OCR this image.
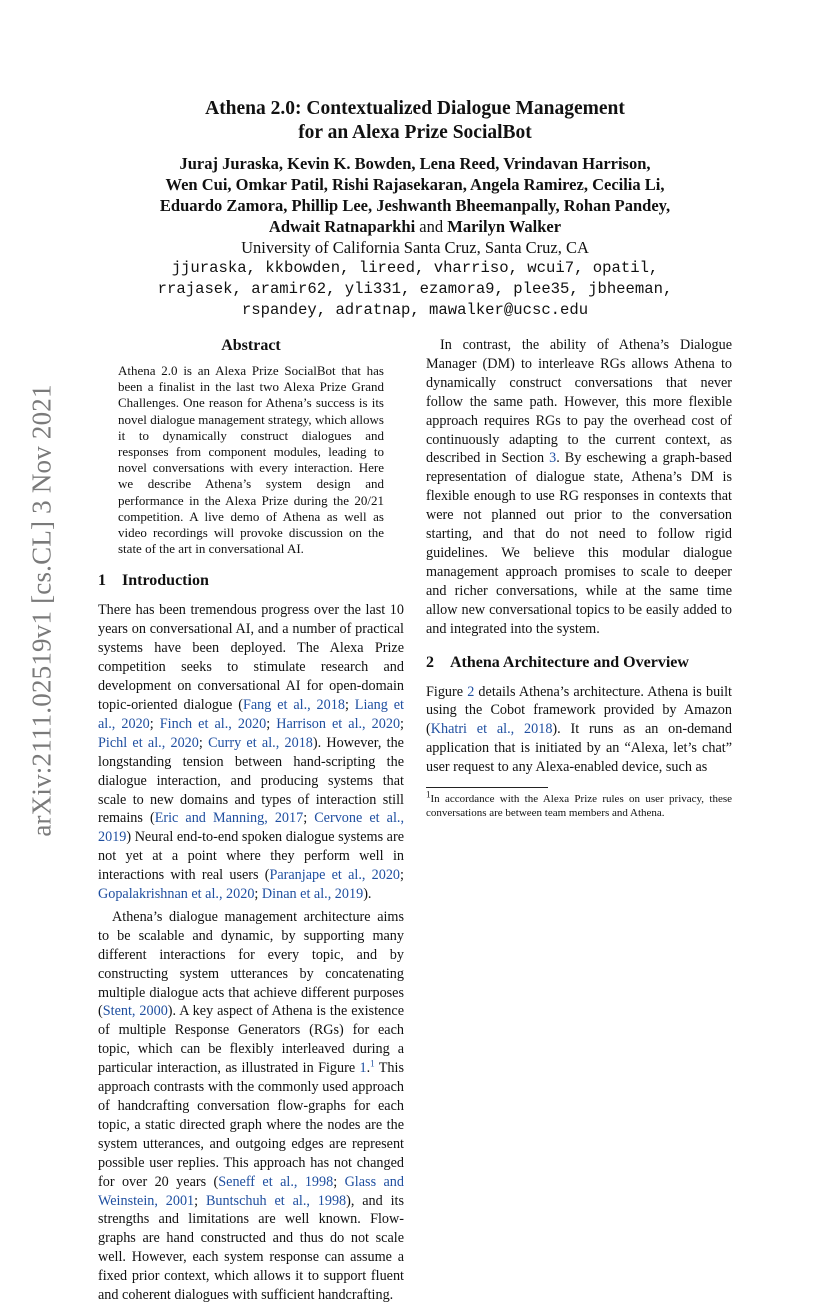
arXiv:2111.02519v1 [cs.CL] 3 Nov 2021
Athena 2.0: Contextualized Dialogue Management
for an Alexa Prize SocialBot
Juraj Juraska, Kevin K. Bowden, Lena Reed, Vrindavan Harrison,
Wen Cui, Omkar Patil, Rishi Rajasekaran, Angela Ramirez, Cecilia Li,
Eduardo Zamora, Phillip Lee, Jeshwanth Bheemanpally, Rohan Pandey,
Adwait Ratnaparkhi and Marilyn Walker
University of California Santa Cruz, Santa Cruz, CA
jjuraska, kkbowden, lireed, vharriso, wcui7, opatil,
rrajasek, aramir62, yli331, ezamora9, plee35, jbheeman,
rspandey, adratnap, mawalker@ucsc.edu
Abstract

Athena 2.0 is an Alexa Prize SocialBot that has been a finalist in the last two Alexa Prize Grand Challenges. One reason for Athena’s success is its novel dialogue management strategy, which allows it to dynamically construct dialogues and responses from component modules, leading to novel conversations with every interaction. Here we describe Athena’s system design and performance in the Alexa Prize during the 20/21 competition. A live demo of Athena as well as video recordings will provoke discussion on the state of the art in conversational AI.

1 Introduction

There has been tremendous progress over the last 10 years on conversational AI, and a number of practical systems have been deployed. The Alexa Prize competition seeks to stimulate research and development on conversational AI for open-domain topic-oriented dialogue (Fang et al., 2018; Liang et al., 2020; Finch et al., 2020; Harrison et al., 2020; Pichl et al., 2020; Curry et al., 2018). However, the longstanding tension between hand-scripting the dialogue interaction, and producing systems that scale to new domains and types of interaction still remains (Eric and Manning, 2017; Cervone et al., 2019) Neural end-to-end spoken dialogue systems are not yet at a point where they perform well in interactions with real users (Paranjape et al., 2020; Gopalakrishnan et al., 2020; Dinan et al., 2019).

Athena’s dialogue management architecture aims to be scalable and dynamic, by supporting many different interactions for every topic, and by constructing system utterances by concatenating multiple dialogue acts that achieve different purposes (Stent, 2000). A key aspect of Athena is the existence of multiple Response Generators (RGs) for each topic, which can be flexibly interleaved during a particular interaction, as illustrated in Figure 1.$^1$ This approach contrasts with the commonly used approach of handcrafting conversation flow-graphs for each topic, a static directed graph where the nodes are the system utterances, and outgoing edges are represent possible user replies. This approach has not changed for over 20 years (Seneff et al., 1998; Glass and Weinstein, 2001; Buntschuh et al., 1998), and its strengths and limitations are well known. Flow-graphs are hand constructed and thus do not scale well. However, each system response can assume a fixed prior context, which allows it to support fluent and coherent dialogues with sufficient handcrafting.

In contrast, the ability of Athena’s Dialogue Manager (DM) to interleave RGs allows Athena to dynamically construct conversations that never follow the same path. However, this more flexible approach requires RGs to pay the overhead cost of continuously adapting to the current context, as described in Section 3. By eschewing a graph-based representation of dialogue state, Athena’s DM is flexible enough to use RG responses in contexts that were not planned out prior to the conversation starting, and that do not need to follow rigid guidelines. We believe this modular dialogue management approach promises to scale to deeper and richer conversations, while at the same time allow new conversational topics to be easily added to and integrated into the system.

2 Athena Architecture and Overview

Figure 2 details Athena’s architecture. Athena is built using the Cobot framework provided by Amazon (Khatri et al., 2018). It runs as an on-demand application that is initiated by an “Alexa, let’s chat” user request to any Alexa-enabled device, such as

$^1$In accordance with the Alexa Prize rules on user privacy, these conversations are between team members and Athena.
